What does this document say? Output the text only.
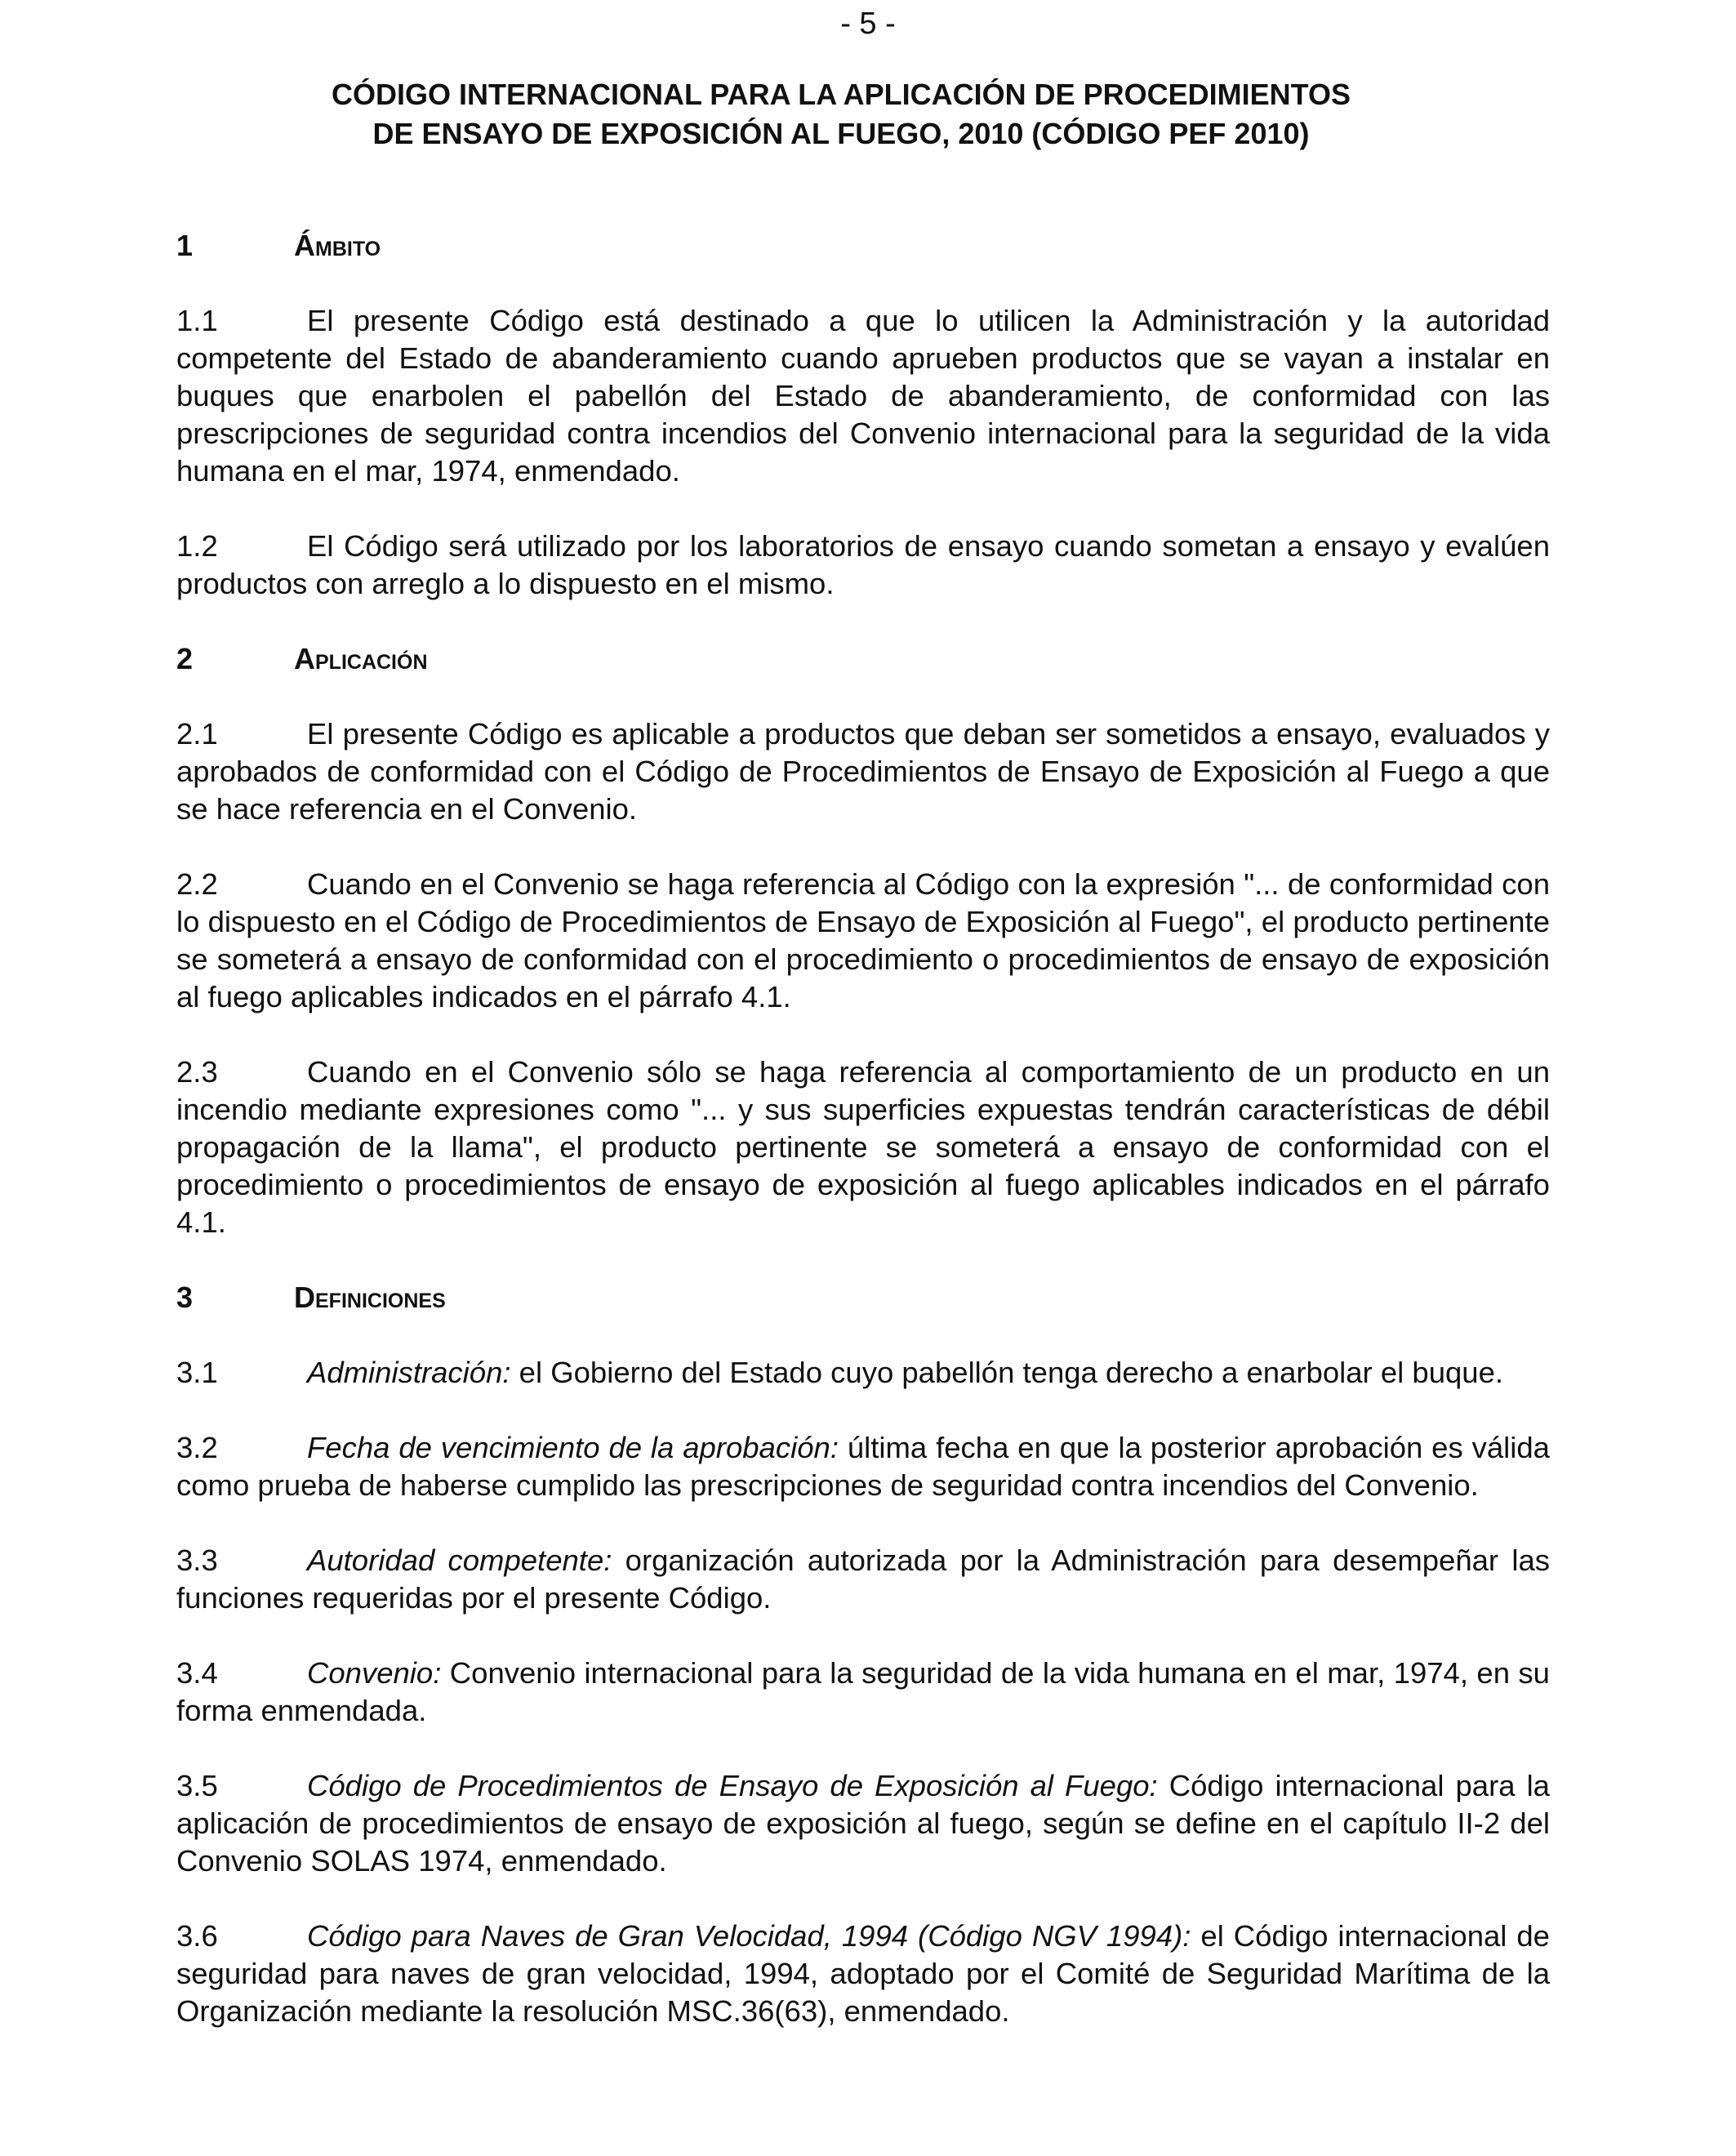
- 5 -
CÓDIGO INTERNACIONAL PARA LA APLICACIÓN DE PROCEDIMIENTOS
DE ENSAYO DE EXPOSICIÓN AL FUEGO, 2010 (CÓDIGO PEF 2010)
1	Ámbito

1.1	El presente Código está destinado a que lo utilicen la Administración y la autoridad competente del Estado de abanderamiento cuando aprueben productos que se vayan a instalar en buques que enarbolen el pabellón del Estado de abanderamiento, de conformidad con las prescripciones de seguridad contra incendios del Convenio internacional para la seguridad de la vida humana en el mar, 1974, enmendado.

1.2	El Código será utilizado por los laboratorios de ensayo cuando sometan a ensayo y evalúen productos con arreglo a lo dispuesto en el mismo.

2	Aplicación

2.1	El presente Código es aplicable a productos que deban ser sometidos a ensayo, evaluados y aprobados de conformidad con el Código de Procedimientos de Ensayo de Exposición al Fuego a que se hace referencia en el Convenio.

2.2	Cuando en el Convenio se haga referencia al Código con la expresión "... de conformidad con lo dispuesto en el Código de Procedimientos de Ensayo de Exposición al Fuego", el producto pertinente se someterá a ensayo de conformidad con el procedimiento o procedimientos de ensayo de exposición al fuego aplicables indicados en el párrafo 4.1.

2.3	Cuando en el Convenio sólo se haga referencia al comportamiento de un producto en un incendio mediante expresiones como "... y sus superficies expuestas tendrán características de débil propagación de la llama", el producto pertinente se someterá a ensayo de conformidad con el procedimiento o procedimientos de ensayo de exposición al fuego aplicables indicados en el párrafo 4.1.

3	Definiciones

3.1	Administración: el Gobierno del Estado cuyo pabellón tenga derecho a enarbolar el buque.

3.2	Fecha de vencimiento de la aprobación: última fecha en que la posterior aprobación es válida como prueba de haberse cumplido las prescripciones de seguridad contra incendios del Convenio.

3.3	Autoridad competente: organización autorizada por la Administración para desempeñar las funciones requeridas por el presente Código.

3.4	Convenio: Convenio internacional para la seguridad de la vida humana en el mar, 1974, en su forma enmendada.

3.5	Código de Procedimientos de Ensayo de Exposición al Fuego: Código internacional para la aplicación de procedimientos de ensayo de exposición al fuego, según se define en el capítulo II-2 del Convenio SOLAS 1974, enmendado.

3.6	Código para Naves de Gran Velocidad, 1994 (Código NGV 1994): el Código internacional de seguridad para naves de gran velocidad, 1994, adoptado por el Comité de Seguridad Marítima de la Organización mediante la resolución MSC.36(63), enmendado.
